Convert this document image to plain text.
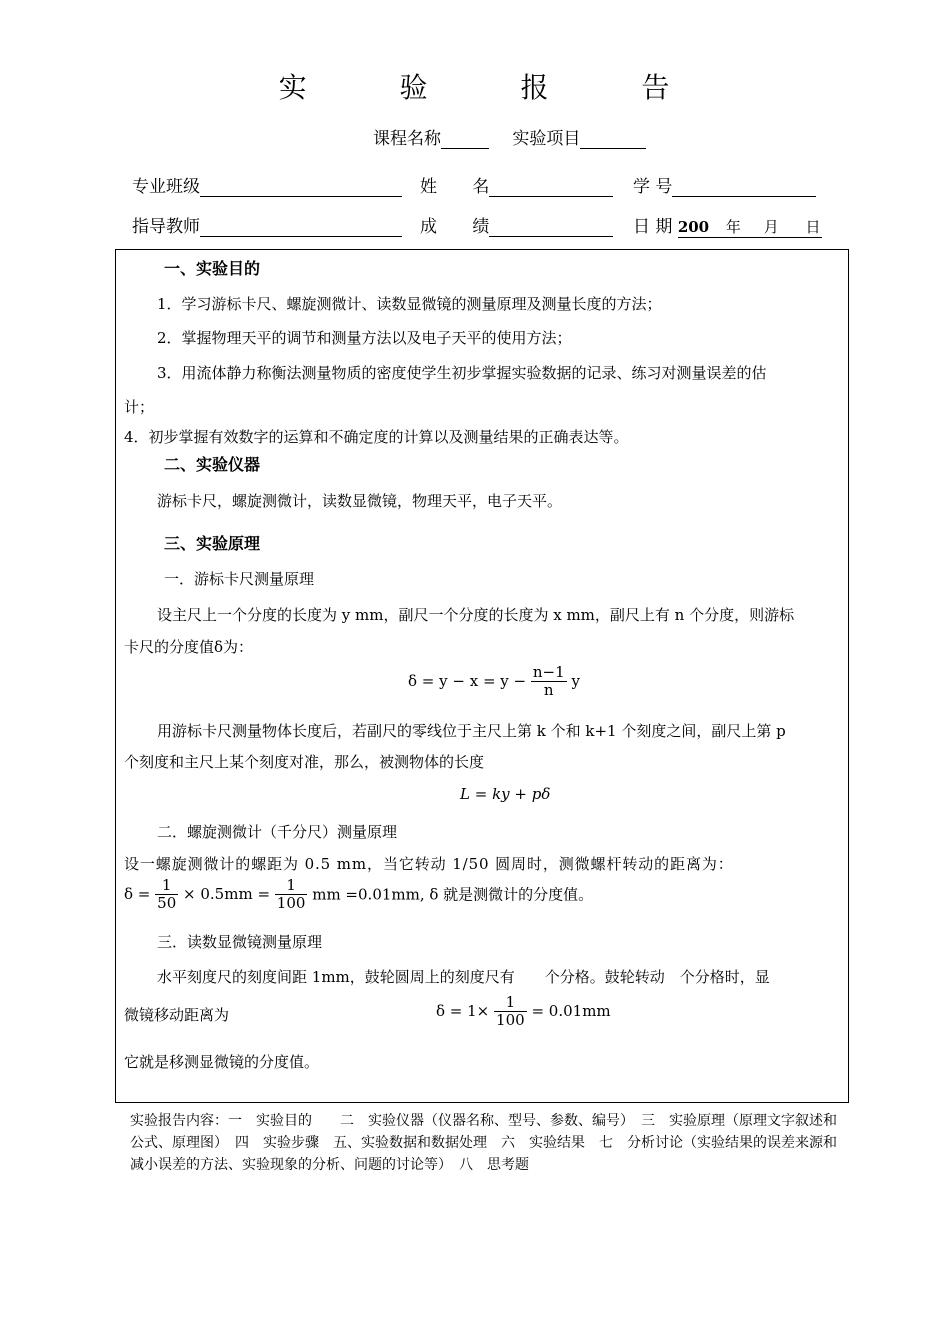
实 验 报 告
课程名称	实验项目
专业班级	姓 名	学 号
指导教师	成 绩	日 期 200 年 月 日
一、实验目的
1．学习游标卡尺、螺旋测微计、读数显微镜的测量原理及测量长度的方法；
2．掌握物理天平的调节和测量方法以及电子天平的使用方法；
3．用流体静力称衡法测量物质的密度使学生初步掌握实验数据的记录、练习对测量误差的估
计；
4．初步掌握有效数字的运算和不确定度的计算以及测量结果的正确表达等。
二、实验仪器
游标卡尺，螺旋测微计，读数显微镜，物理天平，电子天平。
三、实验原理
一．游标卡尺测量原理
设主尺上一个分度的长度为 y mm，副尺一个分度的长度为 x mm，副尺上有 n 个分度，则游标
卡尺的分度值δ为：
$\delta = y - x = y - \frac{n-1}{n}$ y
用游标卡尺测量物体长度后，若副尺的零线位于主尺上第 k 个和 k+1 个刻度之间，副尺上第 p
个刻度和主尺上某个刻度对准，那么，被测物体的长度
L = ky + pδ
二．螺旋测微计（千分尺）测量原理
设一螺旋测微计的螺距为 0.5 mm，当它转动 1/50 圆周时，测微螺杆转动的距离为：
$\delta = \frac{1}{50} \times 0.5mm = \frac{1}{100}$ mm =0.01mm, δ 就是测微计的分度值。
三．读数显微镜测量原理
水平刻度尺的刻度间距 1mm，鼓轮圆周上的刻度尺有　　个分格。鼓轮转动　个分格时，显
微镜移动距离为	$\delta = 1\times \frac{1}{100} = 0.01mm$
它就是移测显微镜的分度值。
实验报告内容：一　实验目的　　二　实验仪器（仪器名称、型号、参数、编号）　三　实验原理（原理文字叙述和公式、原理图）　四　实验步骤　五、实验数据和数据处理　六　实验结果　七　分析讨论（实验结果的误差来源和减小误差的方法、实验现象的分析、问题的讨论等）　八　思考题
